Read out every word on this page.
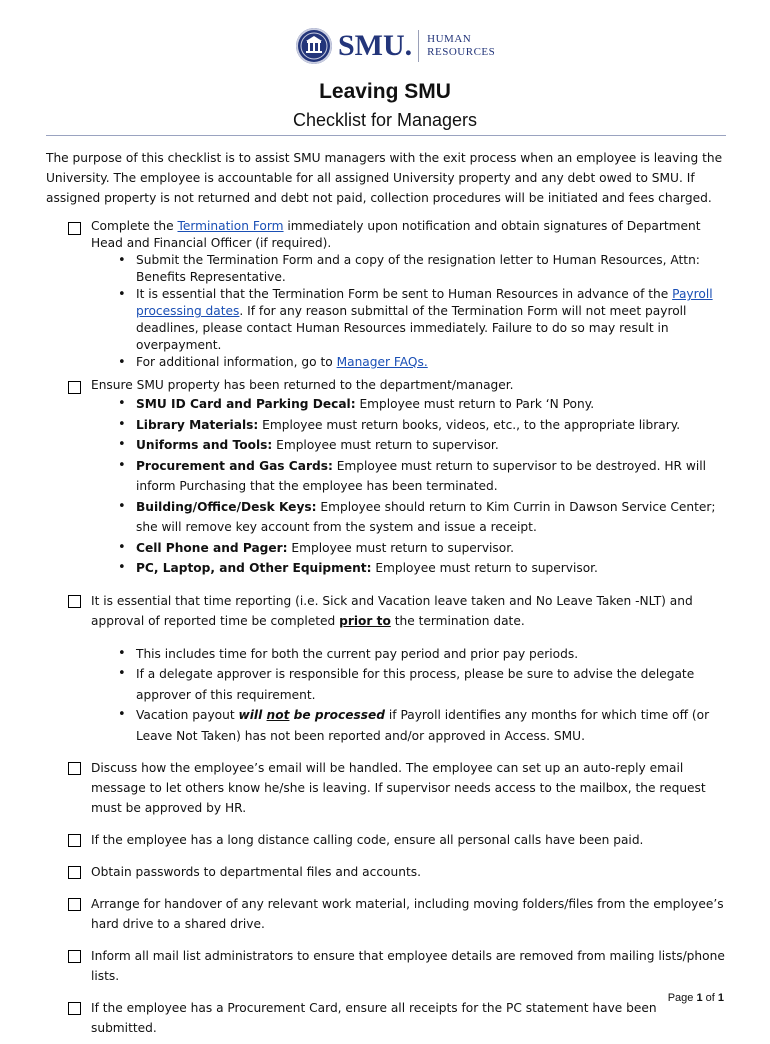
SMU. HUMAN
RESOURCES
Leaving SMU
Checklist for Managers

The purpose of this checklist is to assist SMU managers with the exit process when an employee is leaving the University. The employee is accountable for all assigned University property and any debt owed to SMU. If assigned property is not returned and debt not paid, collection procedures will be initiated and fees charged.

Complete the Termination Form immediately upon notification and obtain signatures of Department Head and Financial Officer (if required).
• Submit the Termination Form and a copy of the resignation letter to Human Resources, Attn: Benefits Representative.
• It is essential that the Termination Form be sent to Human Resources in advance of the Payroll processing dates. If for any reason submittal of the Termination Form will not meet payroll deadlines, please contact Human Resources immediately. Failure to do so may result in overpayment.
• For additional information, go to Manager FAQs.
Ensure SMU property has been returned to the department/manager.
• SMU ID Card and Parking Decal: Employee must return to Park ‘N Pony.
• Library Materials: Employee must return books, videos, etc., to the appropriate library.
• Uniforms and Tools: Employee must return to supervisor.
• Procurement and Gas Cards: Employee must return to supervisor to be destroyed. HR will inform Purchasing that the employee has been terminated.
• Building/Office/Desk Keys: Employee should return to Kim Currin in Dawson Service Center; she will remove key account from the system and issue a receipt.
• Cell Phone and Pager: Employee must return to supervisor.
• PC, Laptop, and Other Equipment: Employee must return to supervisor.
It is essential that time reporting (i.e. Sick and Vacation leave taken and No Leave Taken -NLT) and approval of reported time be completed prior to the termination date.
• This includes time for both the current pay period and prior pay periods.
• If a delegate approver is responsible for this process, please be sure to advise the delegate approver of this requirement.
• Vacation payout will not be processed if Payroll identifies any months for which time off (or Leave Not Taken) has not been reported and/or approved in Access. SMU.
Discuss how the employee’s email will be handled. The employee can set up an auto-reply email message to let others know he/she is leaving. If supervisor needs access to the mailbox, the request must be approved by HR.
If the employee has a long distance calling code, ensure all personal calls have been paid.
Obtain passwords to departmental files and accounts.
Arrange for handover of any relevant work material, including moving folders/files from the employee’s hard drive to a shared drive.
Inform all mail list administrators to ensure that employee details are removed from mailing lists/phone lists.
If the employee has a Procurement Card, ensure all receipts for the PC statement have been submitted.
Page 1 of 1
